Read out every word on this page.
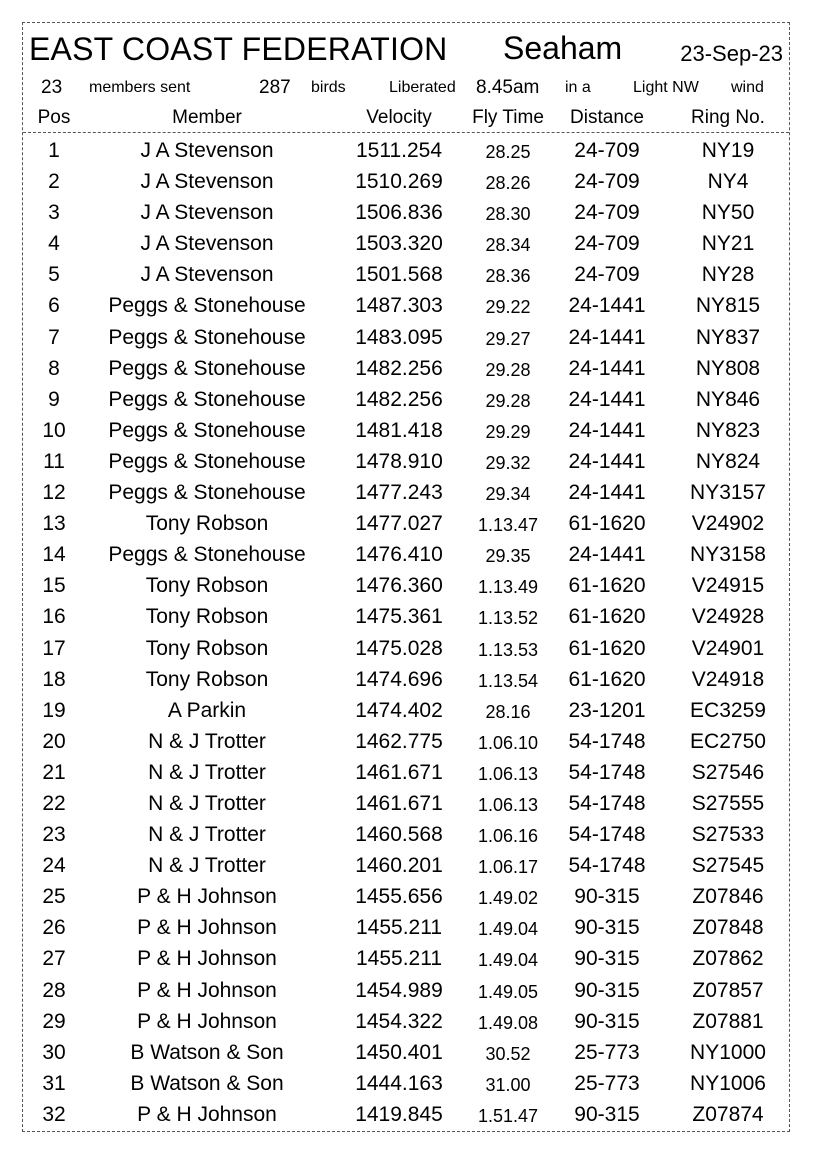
EAST COAST FEDERATION Seaham	23-Sep-23
23 members sent	287 birds	Liberated 8.45am in a	Light NW wind
Pos	Member	Velocity Fly Time Distance Ring No.
1	J A Stevenson	1511.254 28.25 24-709	NY19
2	J A Stevenson	1510.269 28.26 24-709	NY4
3	J A Stevenson	1506.836 28.30 24-709	NY50
4	J A Stevenson	1503.320 28.34 24-709	NY21
5	J A Stevenson	1501.568 28.36 24-709	NY28
6 Peggs & Stonehouse 1487.303 29.22 24-1441 NY815
7 Peggs & Stonehouse 1483.095 29.27 24-1441 NY837
8 Peggs & Stonehouse 1482.256 29.28 24-1441 NY808
9 Peggs & Stonehouse 1482.256 29.28 24-1441 NY846
10 Peggs & Stonehouse 1481.418 29.29 24-1441 NY823
11 Peggs & Stonehouse 1478.910 29.32 24-1441 NY824
12 Peggs & Stonehouse 1477.243 29.34 24-1441 NY3157
13	Tony Robson	1477.027 1.13.47 61-1620 V24902
14 Peggs & Stonehouse 1476.410 29.35 24-1441 NY3158
15	Tony Robson	1476.360 1.13.49 61-1620 V24915
16	Tony Robson	1475.361 1.13.52 61-1620 V24928
17	Tony Robson	1475.028 1.13.53 61-1620 V24901
18	Tony Robson	1474.696 1.13.54 61-1620 V24918
19	A Parkin	1474.402 28.16 23-1201 EC3259
20	N & J Trotter	1462.775 1.06.10 54-1748 EC2750
21	N & J Trotter	1461.671 1.06.13 54-1748 S27546
22	N & J Trotter	1461.671 1.06.13 54-1748 S27555
23	N & J Trotter	1460.568 1.06.16 54-1748 S27533
24	N & J Trotter	1460.201 1.06.17 54-1748 S27545
25	P & H Johnson	1455.656 1.49.02 90-315	Z07846
26	P & H Johnson	1455.211 1.49.04 90-315	Z07848
27	P & H Johnson	1455.211 1.49.04 90-315	Z07862
28	P & H Johnson	1454.989 1.49.05 90-315	Z07857
29	P & H Johnson	1454.322 1.49.08 90-315	Z07881
30	B Watson & Son	1450.401 30.52 25-773 NY1000
31	B Watson & Son	1444.163 31.00 25-773 NY1006
32	P & H Johnson	1419.845 1.51.47 90-315	Z07874
